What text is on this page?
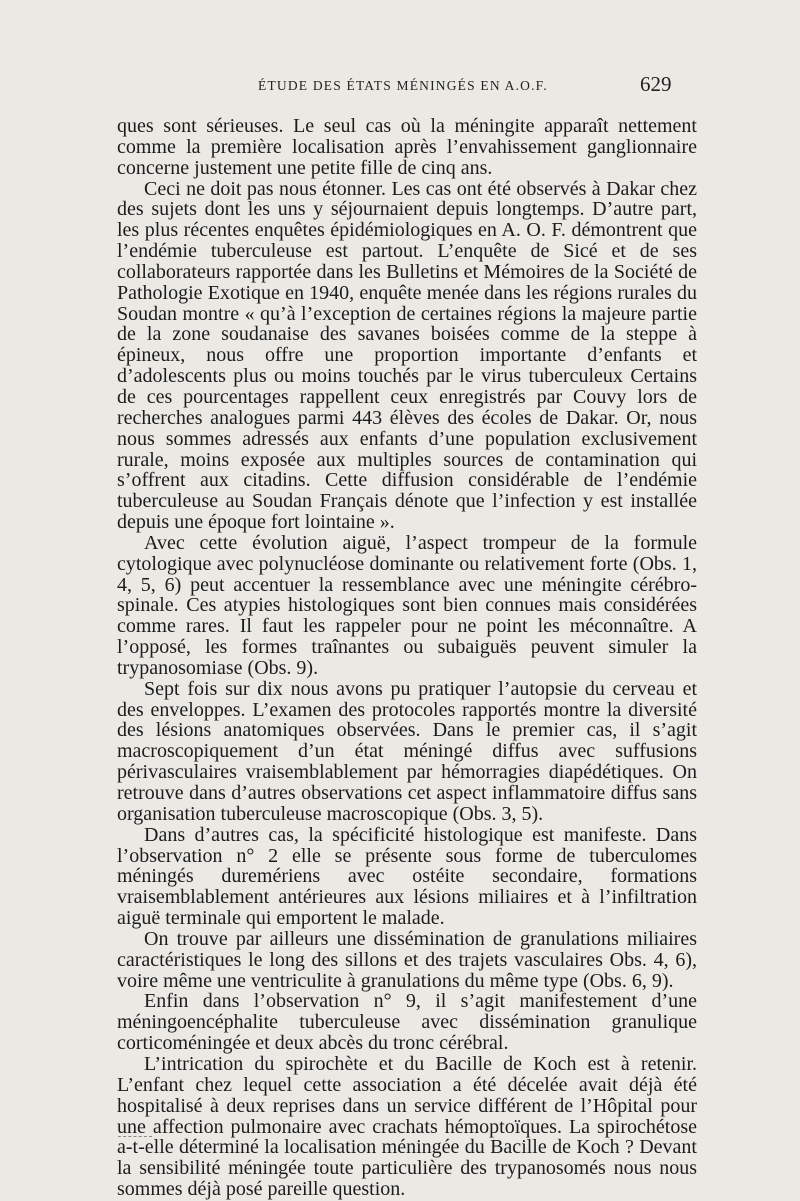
ÉTUDE DES ÉTATS MÉNINGÉS EN A.O.F.	629

ques sont sérieuses. Le seul cas où la méningite apparaît nettement comme la première localisation après l’envahissement ganglionnaire concerne justement une petite fille de cinq ans.

Ceci ne doit pas nous étonner. Les cas ont été observés à Dakar chez des sujets dont les uns y séjournaient depuis longtemps. D’autre part, les plus récentes enquêtes épidémiologiques en A. O. F. démontrent que l’endémie tuberculeuse est partout. L’enquête de Sicé et de ses collaborateurs rapportée dans les Bulletins et Mémoires de la Société de Pathologie Exotique en 1940, enquête menée dans les régions rurales du Soudan montre « qu’à l’exception de certaines régions la majeure partie de la zone soudanaise des savanes boisées comme de la steppe à épineux, nous offre une proportion importante d’enfants et d’adolescents plus ou moins touchés par le virus tuberculeux Certains de ces pourcentages rappellent ceux enregistrés par Couvy lors de recherches analogues parmi 443 élèves des écoles de Dakar. Or, nous nous sommes adressés aux enfants d’une population exclusivement rurale, moins exposée aux multiples sources de contamination qui s’offrent aux citadins. Cette diffusion considérable de l’endémie tuberculeuse au Soudan Français dénote que l’infection y est installée depuis une époque fort lointaine ».

Avec cette évolution aiguë, l’aspect trompeur de la formule cytologique avec polynucléose dominante ou relativement forte (Obs. 1, 4, 5, 6) peut accentuer la ressemblance avec une méningite cérébro-spinale. Ces atypies histologiques sont bien connues mais considérées comme rares. Il faut les rappeler pour ne point les méconnaître. A l’opposé, les formes traînantes ou subaiguës peuvent simuler la trypanosomiase (Obs. 9).

Sept fois sur dix nous avons pu pratiquer l’autopsie du cerveau et des enveloppes. L’examen des protocoles rapportés montre la diversité des lésions anatomiques observées. Dans le premier cas, il s’agit macroscopiquement d’un état méningé diffus avec suffusions périvasculaires vraisemblablement par hémorragies diapédétiques. On retrouve dans d’autres observations cet aspect inflammatoire diffus sans organisation tuberculeuse macroscopique (Obs. 3, 5).

Dans d’autres cas, la spécificité histologique est manifeste. Dans l’observation n° 2 elle se présente sous forme de tuberculomes méningés duremériens avec ostéite secondaire, formations vraisemblablement antérieures aux lésions miliaires et à l’infiltration aiguë terminale qui emportent le malade.

On trouve par ailleurs une dissémination de granulations miliaires caractéristiques le long des sillons et des trajets vasculaires Obs. 4, 6), voire même une ventriculite à granulations du même type (Obs. 6, 9).

Enfin dans l’observation n° 9, il s’agit manifestement d’une méningoencéphalite tuberculeuse avec dissémination granulique corticoméningée et deux abcès du tronc cérébral.

L’intrication du spirochète et du Bacille de Koch est à retenir. L’enfant chez lequel cette association a été décelée avait déjà été hospitalisé à deux reprises dans un service différent de l’Hôpital pour une affection pulmonaire avec crachats hémoptoïques. La spirochétose a-t-elle déterminé la localisation méningée du Bacille de Koch ? Devant la sensibilité méningée toute particulière des trypanosomés nous nous sommes déjà posé pareille question.
